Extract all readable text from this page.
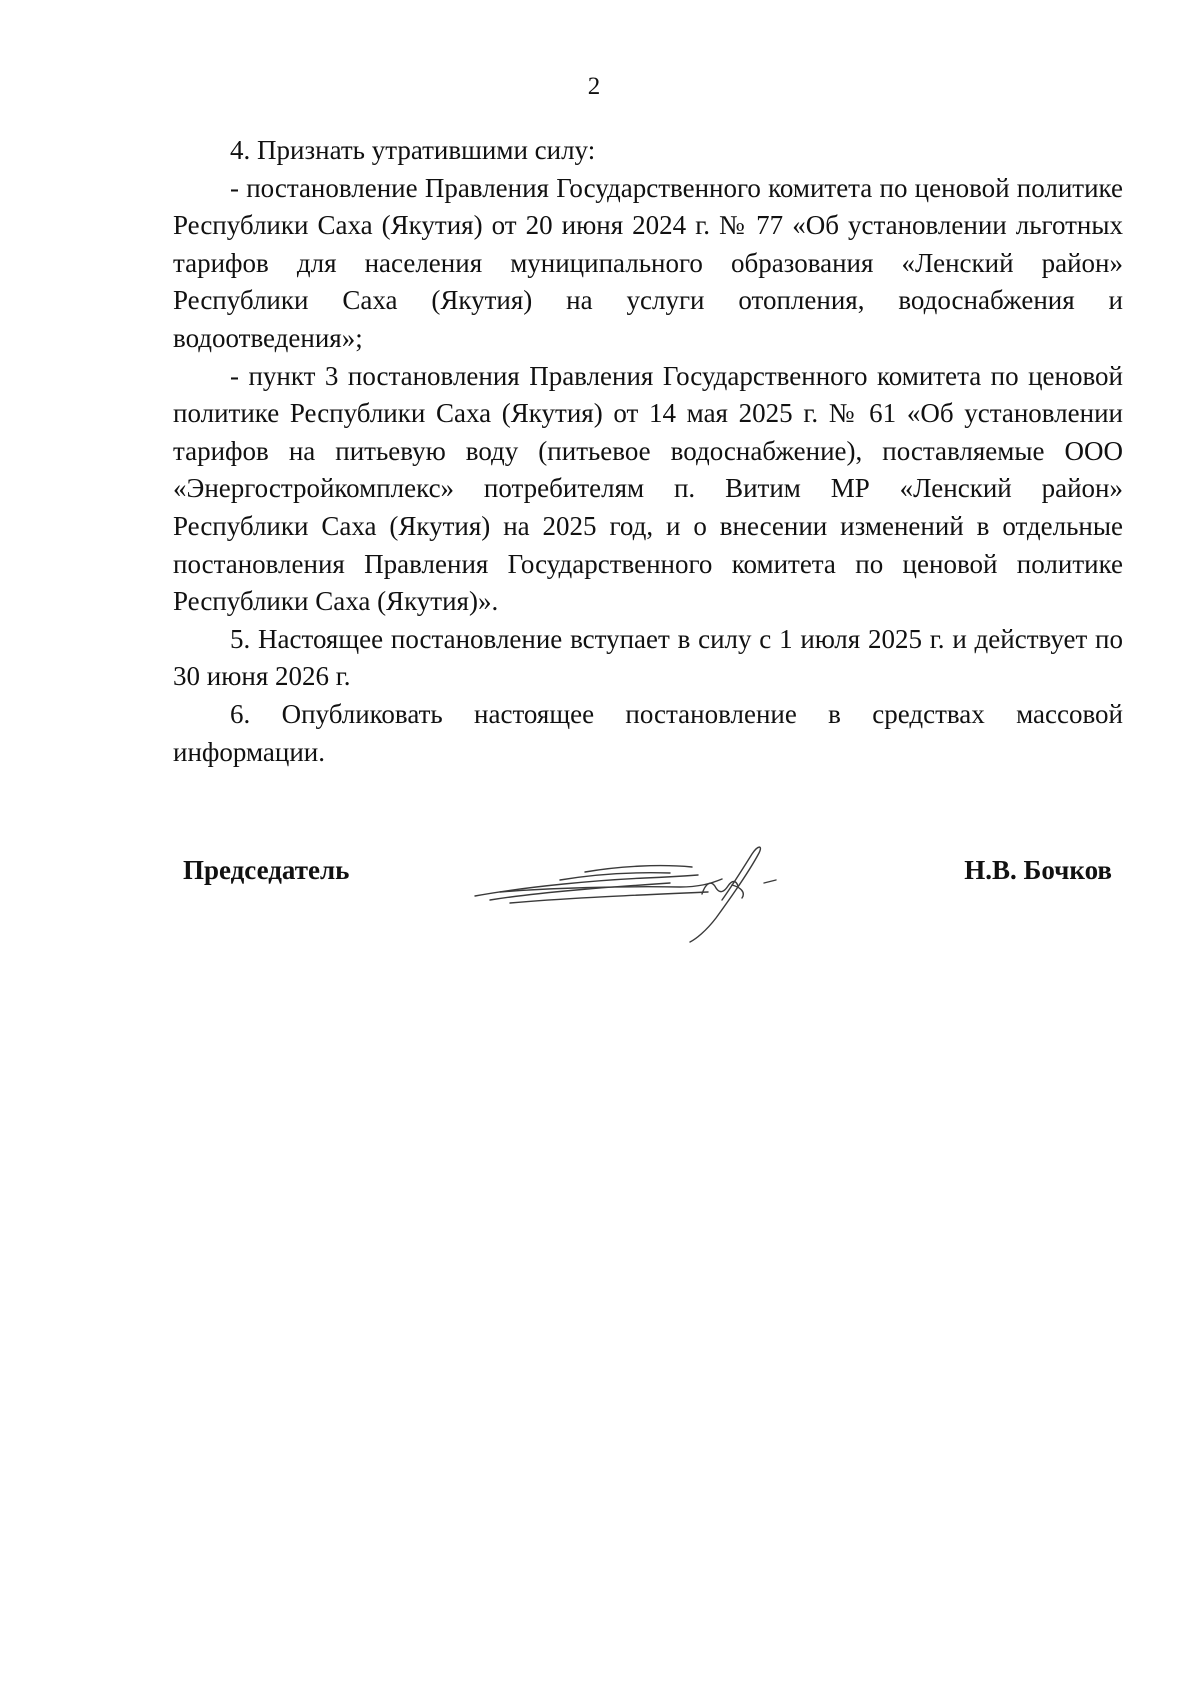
2

4. Признать утратившими силу:

- постановление Правления Государственного комитета по ценовой политике Республики Саха (Якутия) от 20 июня 2024 г. № 77 «Об установлении льготных тарифов для населения муниципального образования «Ленский район» Республики Саха (Якутия) на услуги отопления, водоснабжения и водоотведения»;

- пункт 3 постановления Правления Государственного комитета по ценовой политике Республики Саха (Якутия) от 14 мая 2025 г. № 61 «Об установлении тарифов на питьевую воду (питьевое водоснабжение), поставляемые ООО «Энергостройкомплекс» потребителям п. Витим МР «Ленский район» Республики Саха (Якутия) на 2025 год, и о внесении изменений в отдельные постановления Правления Государственного комитета по ценовой политике Республики Саха (Якутия)».

5. Настоящее постановление вступает в силу с 1 июля 2025 г. и действует по 30 июня 2026 г.

6. Опубликовать настоящее постановление в средствах массовой информации.

Председатель	Н.В. Бочков
